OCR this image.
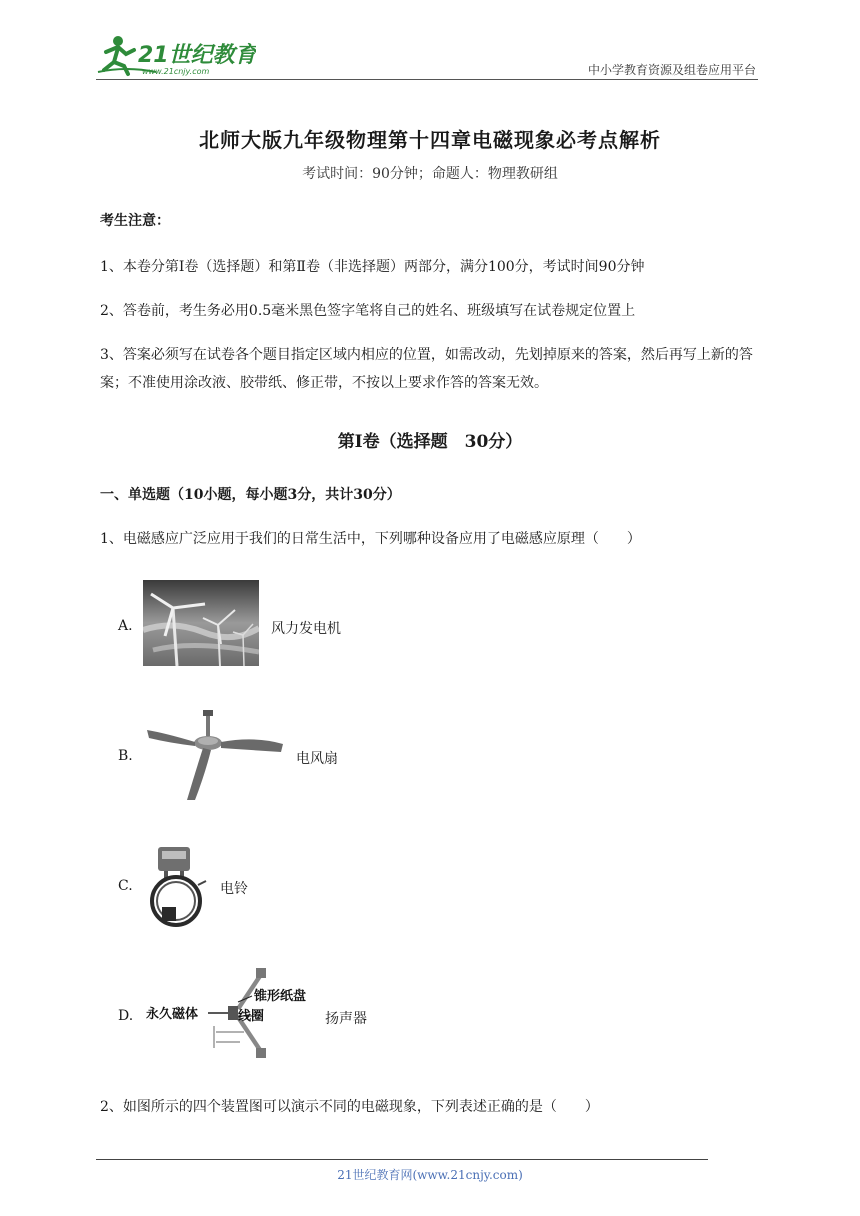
21世纪教育
www.21cnjy.com	中小学教育资源及组卷应用平台
北师大版九年级物理第十四章电磁现象必考点解析
考试时间：90分钟；命题人：物理教研组
考生注意：
1、本卷分第Ⅰ卷（选择题）和第Ⅱ卷（非选择题）两部分，满分100分，考试时间90分钟
2、答卷前，考生务必用0.5毫米黑色签字笔将自己的姓名、班级填写在试卷规定位置上
3、答案必须写在试卷各个题目指定区域内相应的位置，如需改动，先划掉原来的答案，然后再写上新的答案；不准使用涂改液、胶带纸、修正带，不按以上要求作答的答案无效。
第Ⅰ卷（选择题　30分）
一、单选题（10小题，每小题3分，共计30分）
1、电磁感应广泛应用于我们的日常生活中，下列哪种设备应用了电磁感应原理（　　）
A.	风力发电机
B.	电风扇
C.	电铃
D. 永久磁体
锥形纸盘
线圈	扬声器
2、如图所示的四个装置图可以演示不同的电磁现象，下列表述正确的是（　　）
21世纪教育网(www.21cnjy.com)
